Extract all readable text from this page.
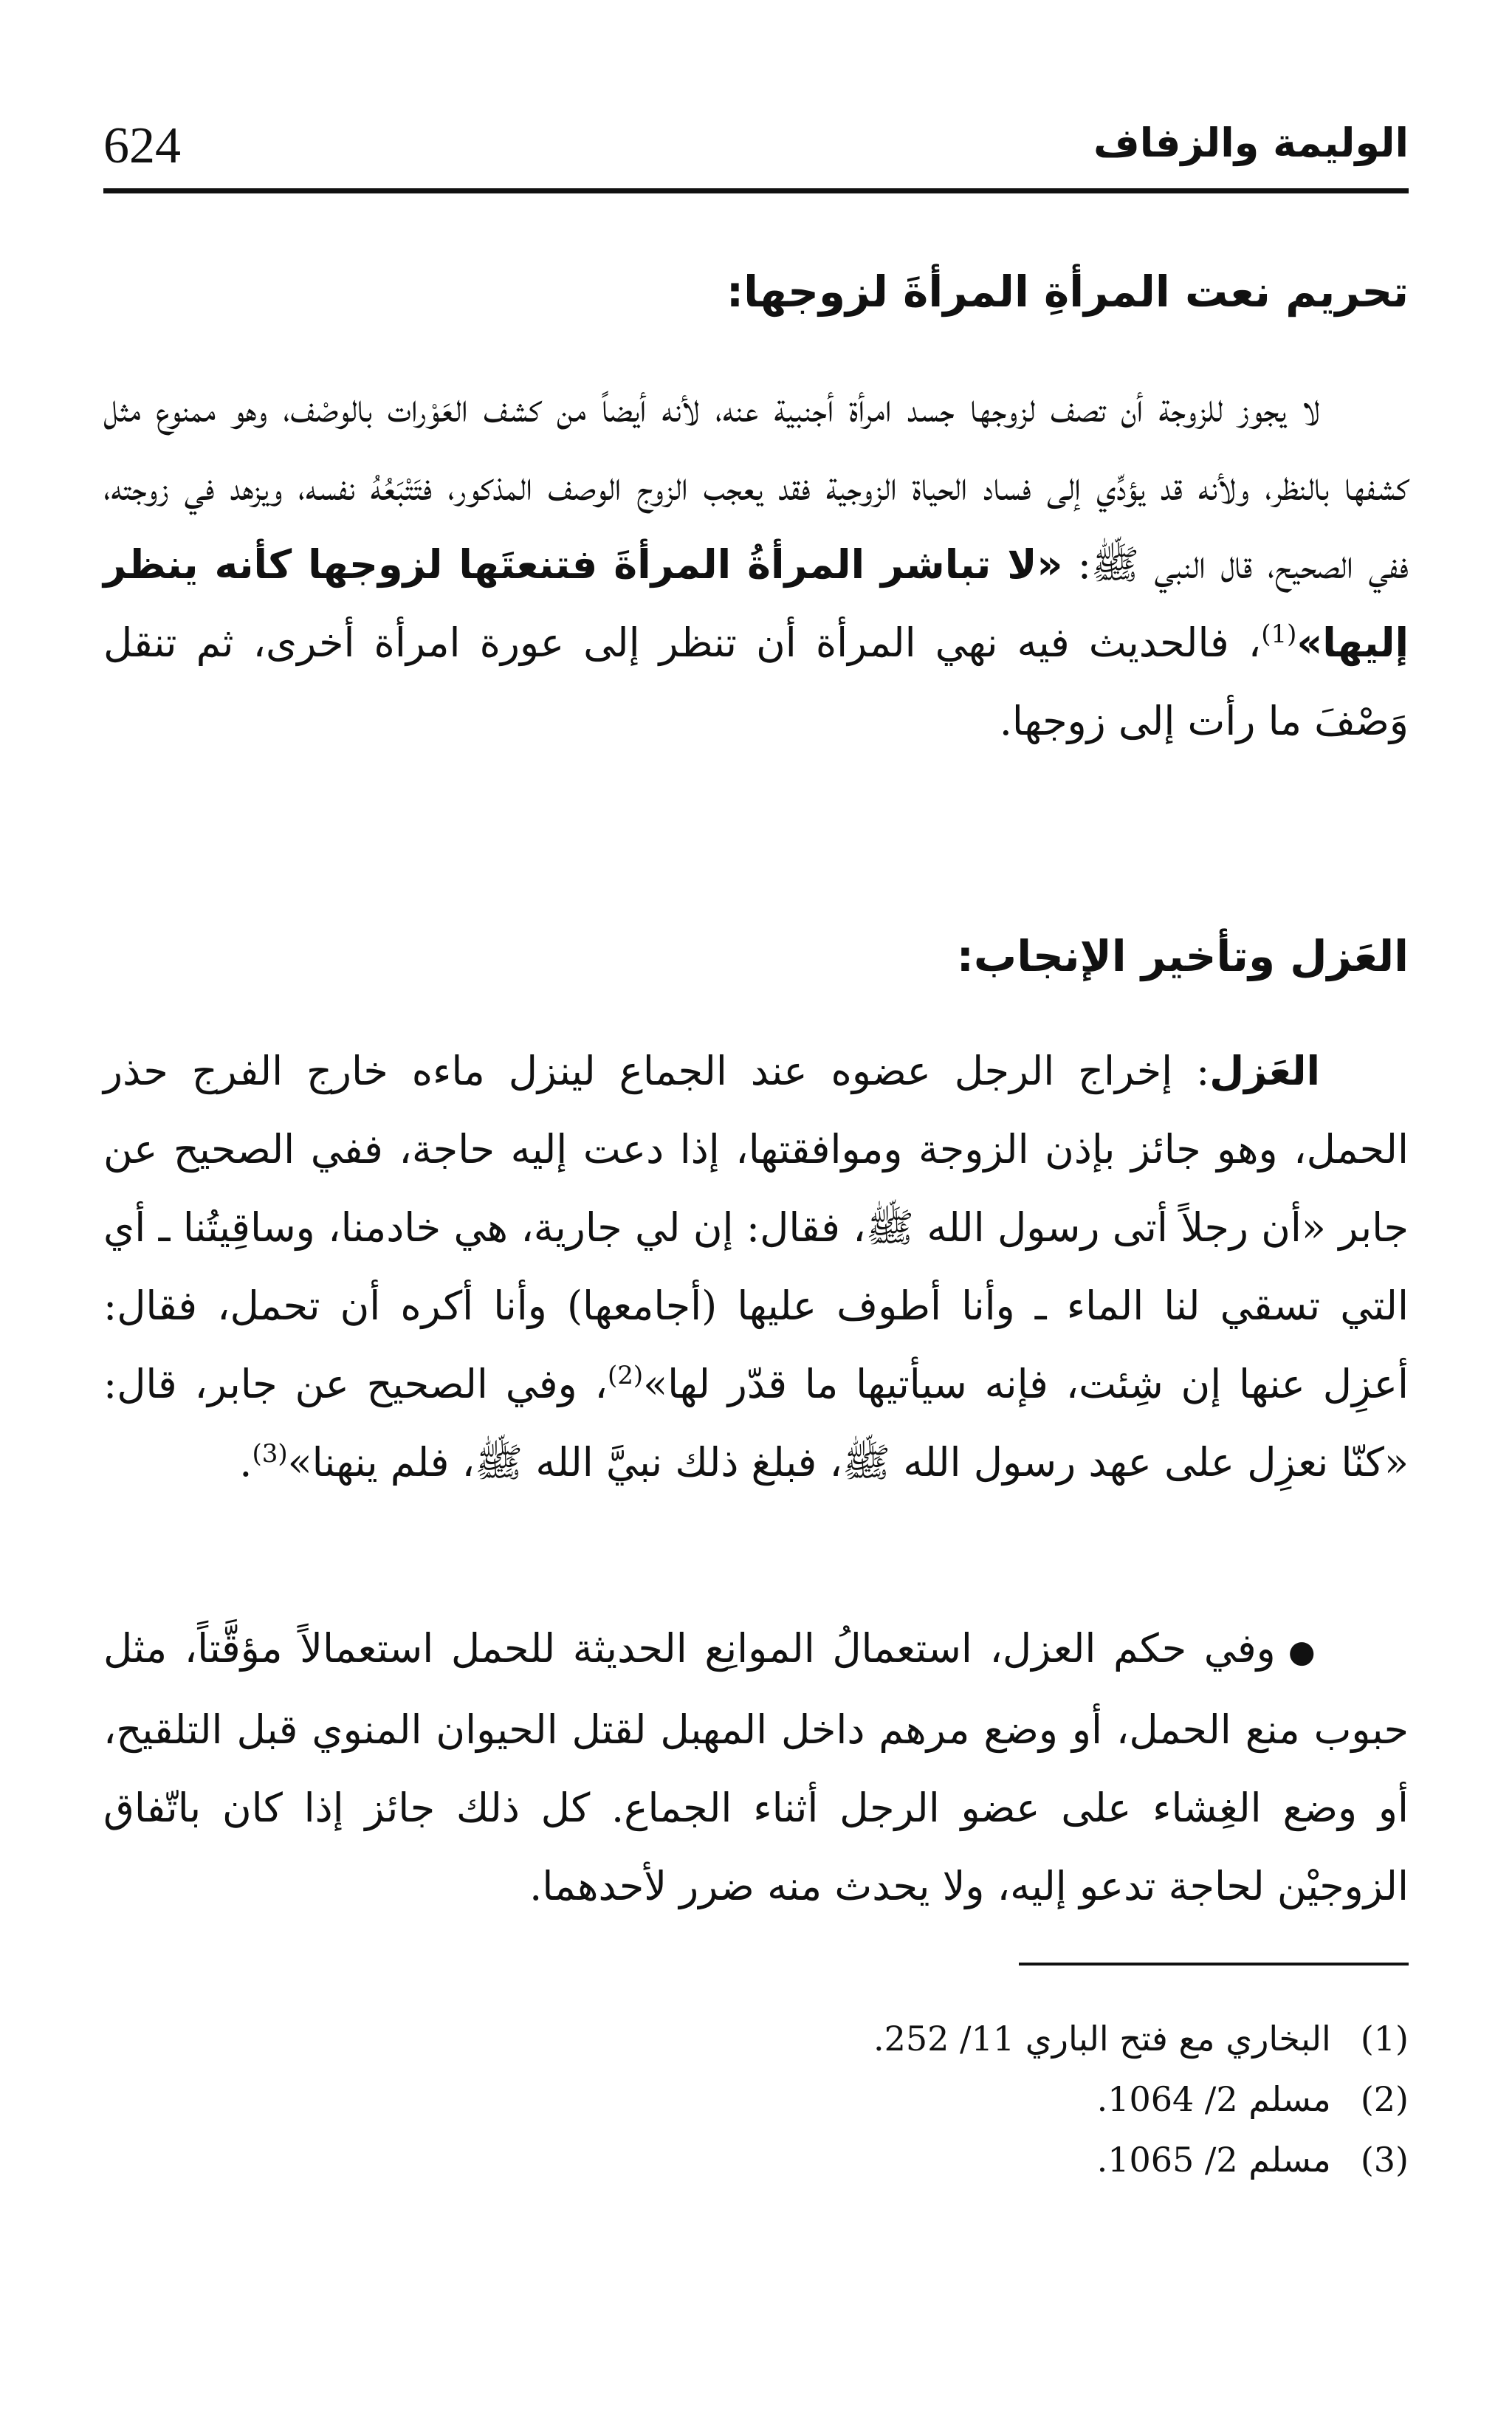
الوليمة والزفاف
624
تحريم نعت المرأةِ المرأةَ لزوجها:

لا يجوز للزوجة أن تصف لزوجها جسد امرأة أجنبية عنه، لأنه أيضاً من كشف العَوْرات بالوصْف، وهو ممنوع مثل كشفها بالنظر، ولأنه قد يؤدِّي إلى فساد الحياة الزوجية فقد يعجب الزوج الوصف المذكور، فتَتْبَعُهُ نفسه، ويزهد في زوجته، ففي الصحيح، قال النبي ﷺ: «لا تباشر المرأةُ المرأةَ فتنعتَها لزوجها كأنه ينظر إليها»$^{(1)}$، فالحديث فيه نهي المرأة أن تنظر إلى عورة امرأة أخرى، ثم تنقل وَصْفَ ما رأت إلى زوجها.

العَزل وتأخير الإنجاب:

العَزل: إخراج الرجل عضوه عند الجماع لينزل ماءه خارج الفرج حذر الحمل، وهو جائز بإذن الزوجة وموافقتها، إذا دعت إليه حاجة، ففي الصحيح عن جابر «أن رجلاً أتى رسول الله ﷺ، فقال: إن لي جارية، هي خادمنا، وساقِيتُنا ـ أي التي تسقي لنا الماء ـ وأنا أطوف عليها (أجامعها) وأنا أكره أن تحمل، فقال: أعزِل عنها إن شِئت، فإنه سيأتيها ما قدّر لها»$^{(2)}$، وفي الصحيح عن جابر، قال: «كنّا نعزِل على عهد رسول الله ﷺ، فبلغ ذلك نبيَّ الله ﷺ، فلم ينهنا»$^{(3)}$.

● وفي حكم العزل، استعمالُ الموانِع الحديثة للحمل استعمالاً مؤقَّتاً، مثل حبوب منع الحمل، أو وضع مرهم داخل المهبل لقتل الحيوان المنوي قبل التلقيح، أو وضع الغِشاء على عضو الرجل أثناء الجماع. كل ذلك جائز إذا كان باتّفاق الزوجيْن لحاجة تدعو إليه، ولا يحدث منه ضرر لأحدهما.

(1)
البخاري مع فتح الباري 11/ 252.
(2)
مسلم 2/ 1064.
(3)
مسلم 2/ 1065.
